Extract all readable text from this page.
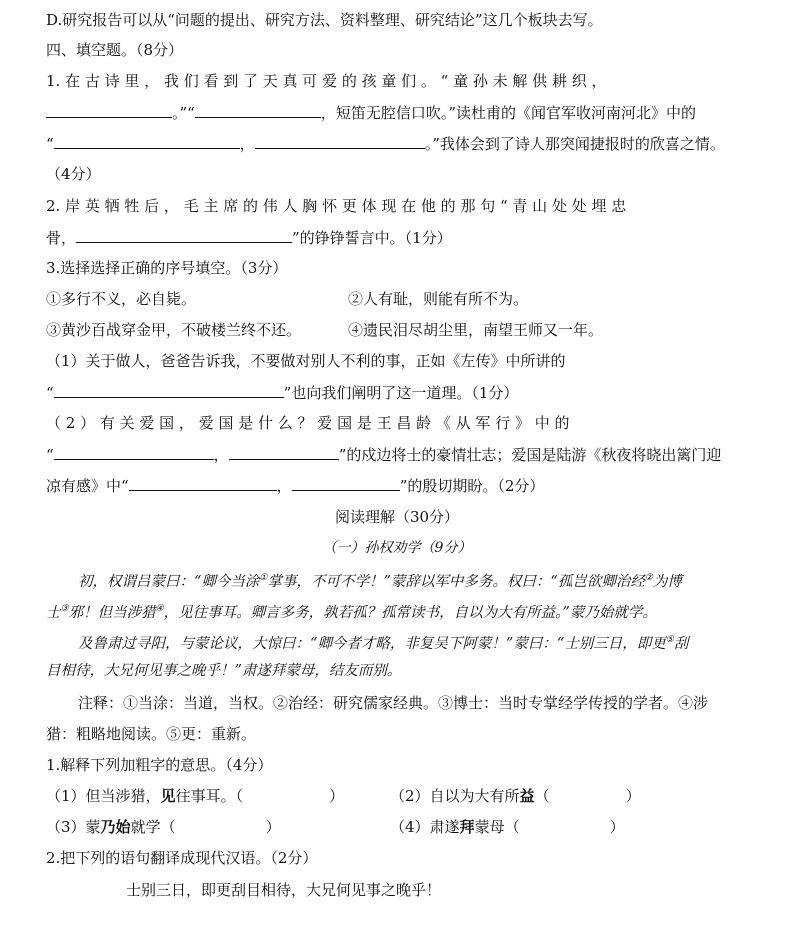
D.研究报告可以从“问题的提出、研究方法、资料整理、研究结论”这几个板块去写。
四、填空题。（8分）
1. 在 古 诗 里 ， 我 们 看 到 了 天 真 可 爱 的 孩 童 们 。 “ 童 孙 未 解 供 耕 织 ，
。”“	，短笛无腔信口吹。”读杜甫的《闻官军收河南河北》中的
“	，	。”我体会到了诗人那突闻捷报时的欣喜之情。
（4分）
2. 岸 英 牺 牲 后 ， 毛 主 席 的 伟 人 胸 怀 更 体 现 在 他 的 那 句 “ 青 山 处 处 埋 忠
骨，	”的铮铮誓言中。（1分）
3.选择选择正确的序号填空。（3分）
①多行不义，必自毙。	②人有耻，则能有所不为。
③黄沙百战穿金甲，不破楼兰终不还。	④遗民泪尽胡尘里，南望王师又一年。
（1）关于做人，爸爸告诉我，不要做对别人不利的事，正如《左传》中所讲的
“	”也向我们阐明了这一道理。（1分）
（ 2 ） 有 关 爱 国 ， 爱 国 是 什 么 ？ 爱 国 是 王 昌 龄 《 从 军 行 》 中 的
“	，	”的戍边将士的豪情壮志；爱国是陆游《秋夜将晓出篱门迎
凉有感》中“	，	”的殷切期盼。（2分）
阅读理解（30分）
（一）孙权劝学（9分）
初，权谓吕蒙曰：“卿今当涂①掌事，不可不学！”蒙辞以军中多务。权曰：“孤岂欲卿治经②为博
士③邪！但当涉猎④，见往事耳。卿言多务，孰若孤？孤常读书，自以为大有所益。”蒙乃始就学。
及鲁肃过寻阳，与蒙论议，大惊曰：“卿今者才略，非复吴下阿蒙！”蒙曰：“士别三日，即更⑤刮
目相待，大兄何见事之晚乎！”肃遂拜蒙母，结友而别。
注释：①当涂：当道，当权。②治经：研究儒家经典。③博士：当时专掌经学传授的学者。④涉
猎：粗略地阅读。⑤更：重新。
1.解释下列加粗字的意思。（4分）
（1）但当涉猎，见往事耳。（	）	（2）自以为大有所益（	）
（3）蒙乃始就学（	）	（4）肃遂拜蒙母（	）
2.把下列的语句翻译成现代汉语。（2分）
士别三日，即更刮目相待，大兄何见事之晚乎！
